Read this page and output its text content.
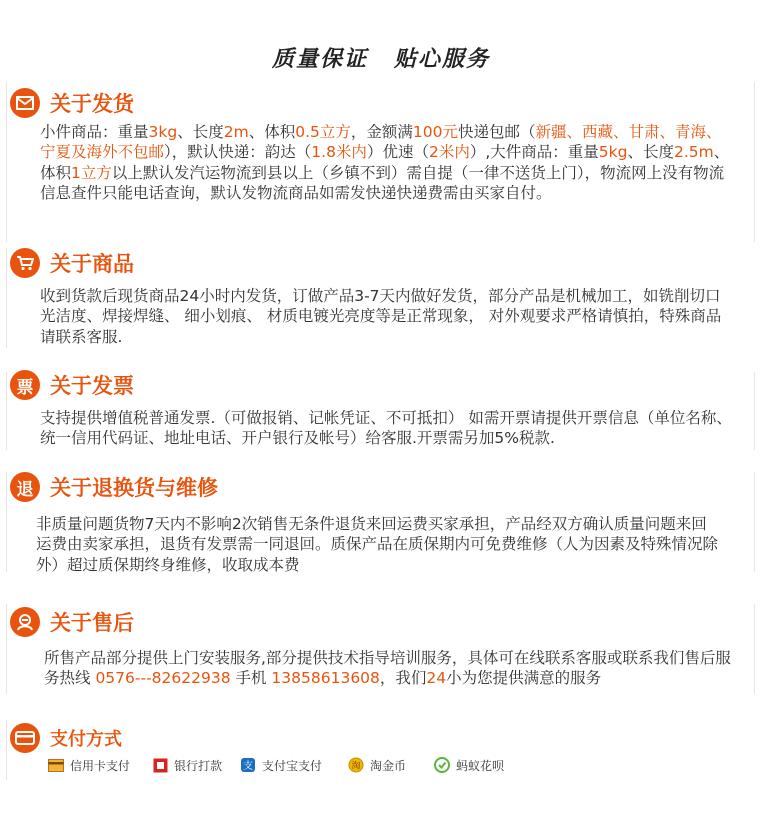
质量保证 贴心服务
关于发货
小件商品：重量3kg、长度2m、体积0.5立方，金额满100元快递包邮（新疆、西藏、甘肃、青海、宁夏及海外不包邮），默认快递：韵达（1.8米内）优速（2米内）,大件商品：重量5kg、长度2.5m、体积1立方以上默认发汽运物流到县以上（乡镇不到）需自提（一律不送货上门），物流网上没有物流信息查件只能电话查询，默认发物流商品如需发快递快递费需由买家自付。
关于商品
收到货款后现货商品24小时内发货，订做产品3-7天内做好发货，部分产品是机械加工，如铣削切口光洁度、焊接焊缝、 细小划痕、 材质电镀光亮度等是正常现象， 对外观要求严格请慎拍，特殊商品请联系客服.
票 关于发票
支持提供增值税普通发票.（可做报销、记帐凭证、不可抵扣） 如需开票请提供开票信息（单位名称、统一信用代码证、地址电话、开户银行及帐号）给客服.开票需另加5%税款.
退 关于退换货与维修
非质量问题货物7天内不影响2次销售无条件退货来回运费买家承担，产品经双方确认质量问题来回运费由卖家承担，退货有发票需一同退回。质保产品在质保期内可免费维修（人为因素及特殊情况除外）超过质保期终身维修，收取成本费
关于售后
所售产品部分提供上门安装服务,部分提供技术指导培训服务，具体可在线联系客服或联系我们售后服务热线 0576---82622938 手机 13858613608，我们24小为您提供满意的服务
支付方式
信用卡支付	银行打款 支 支付宝支付	淘 淘金币	蚂蚁花呗
